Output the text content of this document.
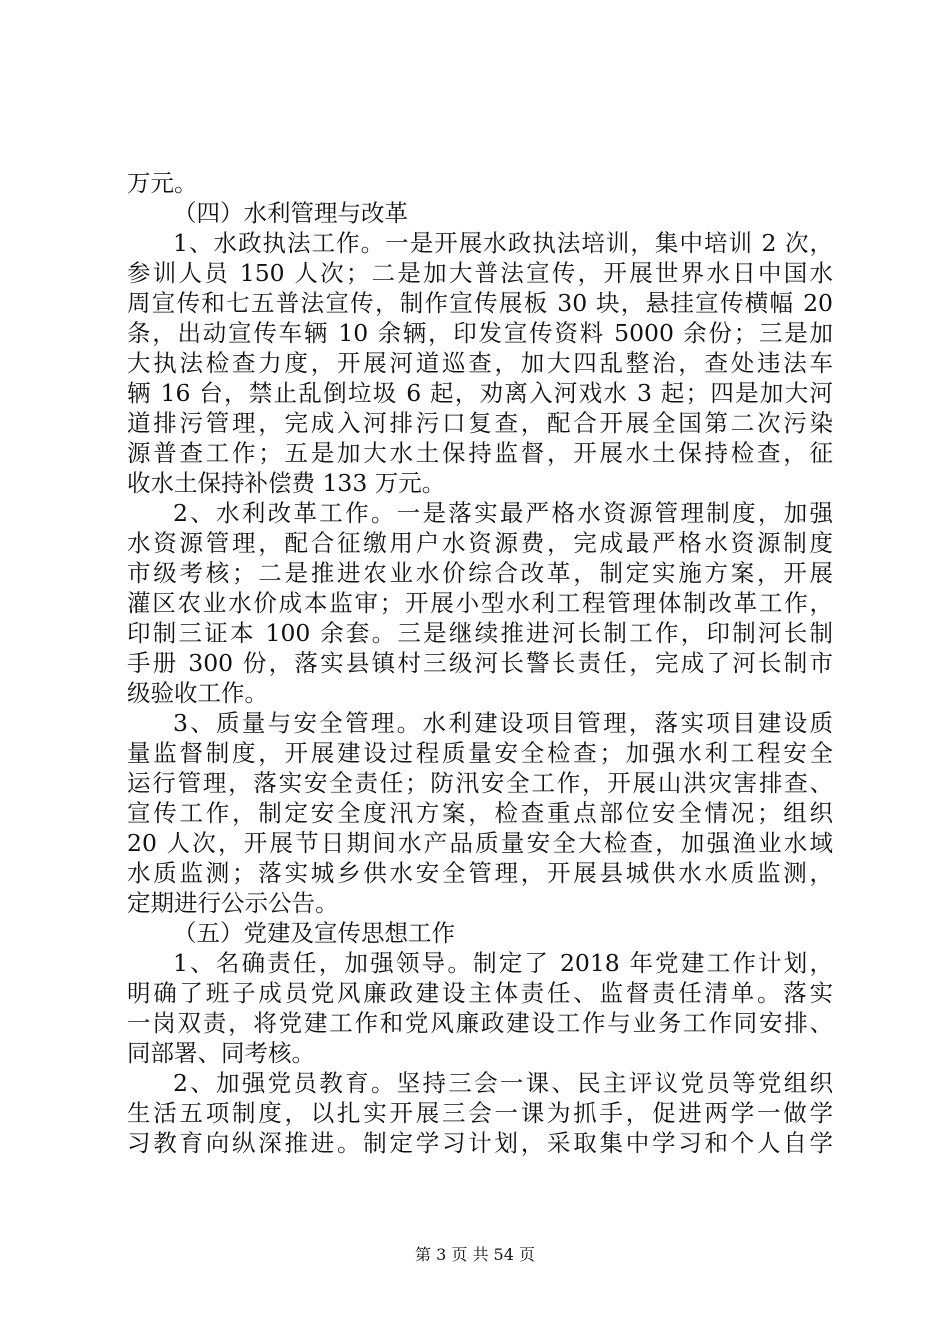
万元。
（四）水利管理与改革
1、水政执法工作。一是开展水政执法培训，集中培训 2 次，
参训人员 150 人次；二是加大普法宣传，开展世界水日中国水
周宣传和七五普法宣传，制作宣传展板 30 块，悬挂宣传横幅 20
条，出动宣传车辆 10 余辆，印发宣传资料 5000 余份；三是加
大执法检查力度，开展河道巡查，加大四乱整治，查处违法车
辆 16 台，禁止乱倒垃圾 6 起，劝离入河戏水 3 起；四是加大河
道排污管理，完成入河排污口复查，配合开展全国第二次污染
源普查工作；五是加大水土保持监督，开展水土保持检查，征
收水土保持补偿费 133 万元。
2、水利改革工作。一是落实最严格水资源管理制度，加强
水资源管理，配合征缴用户水资源费，完成最严格水资源制度
市级考核；二是推进农业水价综合改革，制定实施方案，开展
灌区农业水价成本监审；开展小型水利工程管理体制改革工作，
印制三证本 100 余套。三是继续推进河长制工作，印制河长制
手册 300 份，落实县镇村三级河长警长责任，完成了河长制市
级验收工作。
3、质量与安全管理。水利建设项目管理，落实项目建设质
量监督制度，开展建设过程质量安全检查；加强水利工程安全
运行管理，落实安全责任；防汛安全工作，开展山洪灾害排查、
宣传工作，制定安全度汛方案，检查重点部位安全情况；组织
20 人次，开展节日期间水产品质量安全大检查，加强渔业水域
水质监测；落实城乡供水安全管理，开展县城供水水质监测，
定期进行公示公告。
（五）党建及宣传思想工作
1、名确责任，加强领导。制定了 2018 年党建工作计划，
明确了班子成员党风廉政建设主体责任、监督责任清单。落实
一岗双责，将党建工作和党风廉政建设工作与业务工作同安排、
同部署、同考核。
2、加强党员教育。坚持三会一课、民主评议党员等党组织
生活五项制度，以扎实开展三会一课为抓手，促进两学一做学
习教育向纵深推进。制定学习计划，采取集中学习和个人自学
第 3 页 共 54 页
